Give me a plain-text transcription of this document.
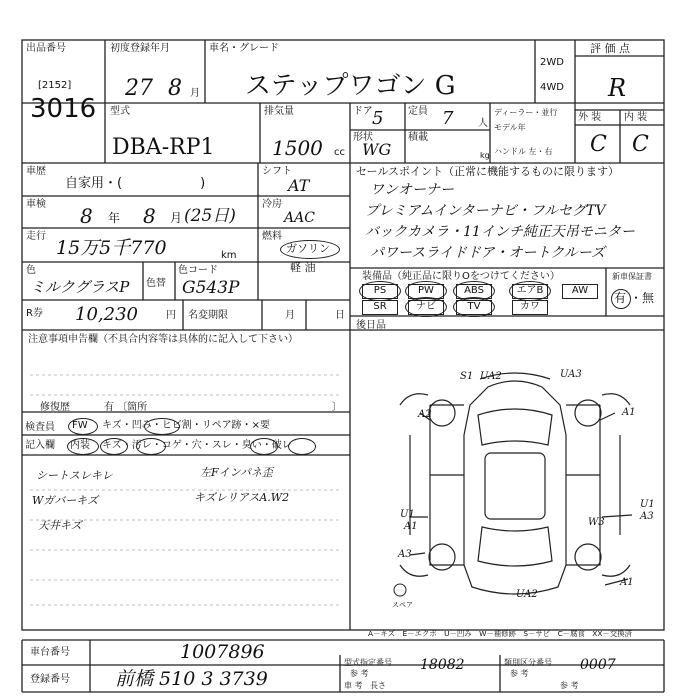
出品番号
[2152]
3016
初度登録年月
27 8 月
車名・グレード
ステップワゴン G
2WD
4WD
評 価 点
R
型式
DBA-RP1
排気量
1500 cc
ドア 5
形状
WG
定員 7 人
積載
kg
ディーラー・並行
モデル年
ハンドル 左・右
外 装 内 装
C C
車歴
自家用・(　　　　　　)
シフト
AT
車検 8 年 8 月 (25日)
冷房
AAC
走行
15万5千770	km
燃料
ガソリン
軽 油
色
ミルクグラスP 色替
色コード
G543P
R券 10,230	円 名変期限	月	日
セールスポイント（正常に機能するものに限ります）
ワンオーナー
プレミアムインターナビ・フルセグTV
バックカメラ・11インチ純正天吊モニター
パワースライドドア・オートクルーズ
装備品（純正品に限りOをつけてください）	新車保証書
PS	PW	ABS	エアB	AW
SR	ナビ	TV	カワ
有 ・ 無
後日品
注意事項申告欄（不具合内容等は具体的に記入して下さい）
修復歴	有 〔箇所	〕
検査員
記入欄
FW キズ・凹み・ヒビ割・リペア跡・×要
内装 キズ・汚レ・コゲ・穴・スレ・臭い・破レ
シートスレキレ
Wガバーキズ
天井キズ
左Fインパネ歪
キズレリアスA.W2
S1 UA2	UA3
A2	A1
U1
A1	W3
U1
A3
A3
UA2
A1
スペア
A－キズ　E－エクボ　U－凹み　W－補修跡　S－サビ　C－腐食　XX－交換済
車台番号	1007896
登録番号 前橋 510 3 3739
型式指定番号
参 考
18082	類別区分番号
参 考
0007
車 考 長さ	参 考
